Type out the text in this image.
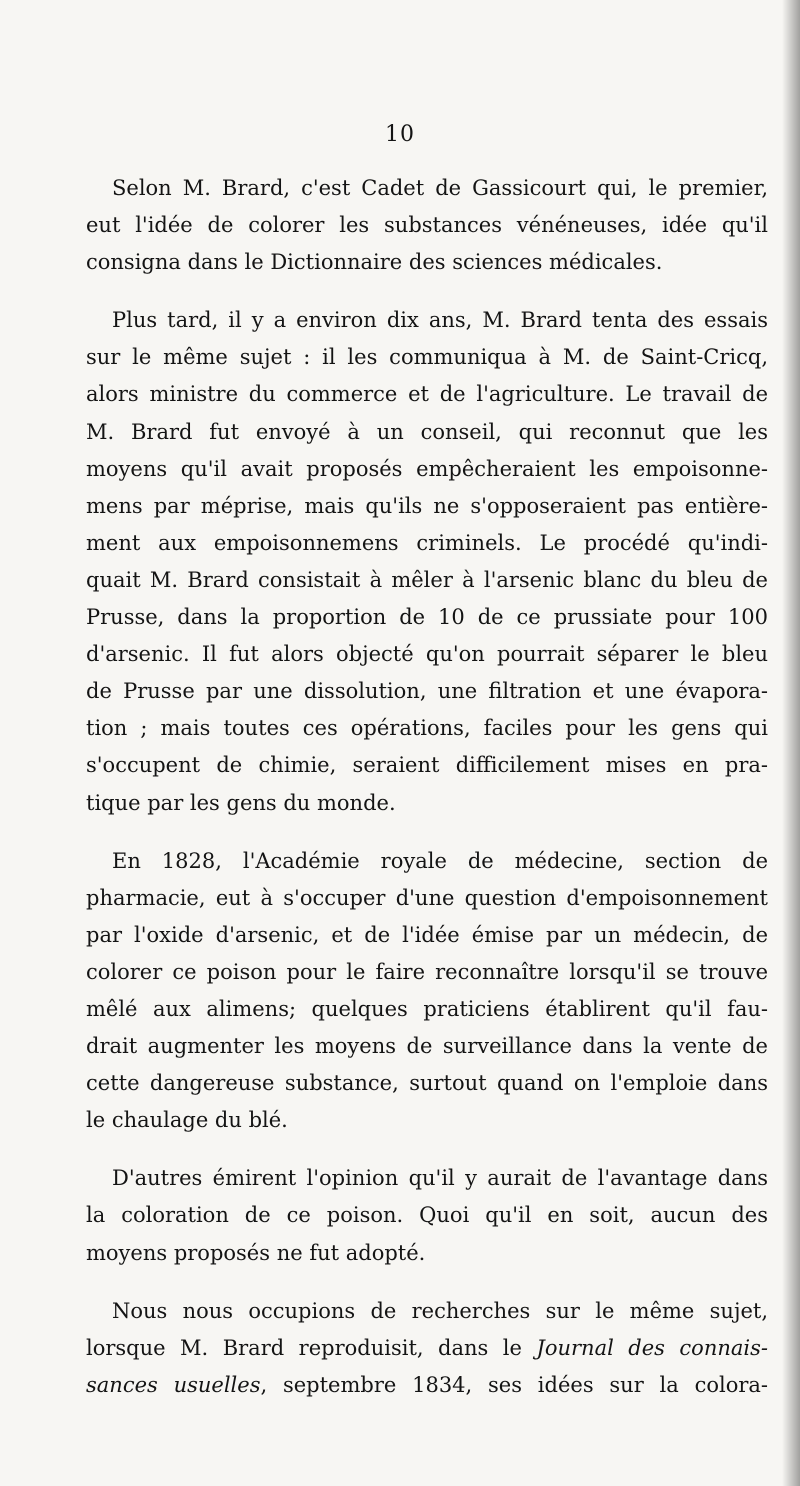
10

Selon M. Brard, c'est Cadet de Gassicourt qui, le premier,
eut l'idée de colorer les substances vénéneuses, idée qu'il
consigna dans le Dictionnaire des sciences médicales.

Plus tard, il y a environ dix ans, M. Brard tenta des essais
sur le même sujet : il les communiqua à M. de Saint-Cricq,
alors ministre du commerce et de l'agriculture. Le travail de
M. Brard fut envoyé à un conseil, qui reconnut que les
moyens qu'il avait proposés empêcheraient les empoisonne-
mens par méprise, mais qu'ils ne s'opposeraient pas entière-
ment aux empoisonnemens criminels. Le procédé qu'indi-
quait M. Brard consistait à mêler à l'arsenic blanc du bleu de
Prusse, dans la proportion de 10 de ce prussiate pour 100
d'arsenic. Il fut alors objecté qu'on pourrait séparer le bleu
de Prusse par une dissolution, une filtration et une évapora-
tion ; mais toutes ces opérations, faciles pour les gens qui
s'occupent de chimie, seraient difficilement mises en pra-
tique par les gens du monde.

En 1828, l'Académie royale de médecine, section de
pharmacie, eut à s'occuper d'une question d'empoisonnement
par l'oxide d'arsenic, et de l'idée émise par un médecin, de
colorer ce poison pour le faire reconnaître lorsqu'il se trouve
mêlé aux alimens; quelques praticiens établirent qu'il fau-
drait augmenter les moyens de surveillance dans la vente de
cette dangereuse substance, surtout quand on l'emploie dans
le chaulage du blé.

D'autres émirent l'opinion qu'il y aurait de l'avantage dans
la coloration de ce poison. Quoi qu'il en soit, aucun des
moyens proposés ne fut adopté.

Nous nous occupions de recherches sur le même sujet,
lorsque M. Brard reproduisit, dans le Journal des connais-
sances usuelles, septembre 1834, ses idées sur la colora-
